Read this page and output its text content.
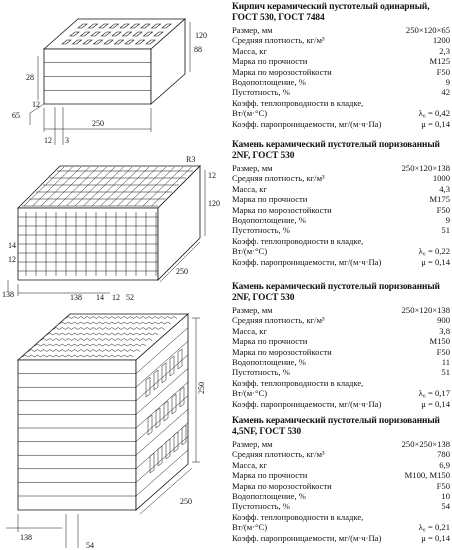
65
28
88
12
12
250
3
120
R3
12
14
12
138	52
14 12
250
138
120
250
138
250
54
Кирпич керамический пустотелый одинарный,
ГОСТ 530, ГОСТ 7484
Размер, мм	250×120×65
Средняя плотность, кг/м³	1200
Масса, кг	2,3
Марка по прочности	М125
Марка по морозостойкости	F50
Водопоглощение, %	9
Пустотность, %	42
Коэфф. теплопроводности в кладке,
Вт/(м·°С)	λ₆ = 0,42
Коэфф. паропроницаемости, мг/(м·ч·Па)	μ = 0,14
Камень керамический пустотелый поризованный
2NF, ГОСТ 530
Размер, мм	250×120×138
Средняя плотность, кг/м³	1000
Масса, кг	4,3
Марка по прочности	М175
Марка по морозостойкости	F50
Водопоглощение, %	9
Пустотность, %	51
Коэфф. теплопроводности в кладке,
Вт/(м·°С)	λ₆ = 0,22
Коэфф. паропроницаемости, мг/(м·ч·Па)	μ = 0,14
Камень керамический пустотелый поризованный
2NF, ГОСТ 530
Размер, мм	250×120×138
Средняя плотность, кг/м³	900
Масса, кг	3,8
Марка по прочности	М150
Марка по морозостойкости	F50
Водопоглощение, %	11
Пустотность, %	51
Коэфф. теплопроводности в кладке,
Вт/(м·°С)	λ₆ = 0,17
Коэфф. паропроницаемости, мг/(м·ч·Па)	μ = 0,14
Камень керамический пустотелый поризованный
4,5NF, ГОСТ 530
Размер, мм	250×250×138
Средняя плотность, кг/м³	780
Масса, кг	6,9
Марка по прочности	М100, М150
Марка по морозостойкости	F50
Водопоглощение, %	10
Пустотность, %	54
Коэфф. теплопроводности в кладке,
Вт/(м·°С)	λ₆ = 0,21
Коэфф. паропроницаемости, мг/(м·ч·Па)	μ = 0,14
